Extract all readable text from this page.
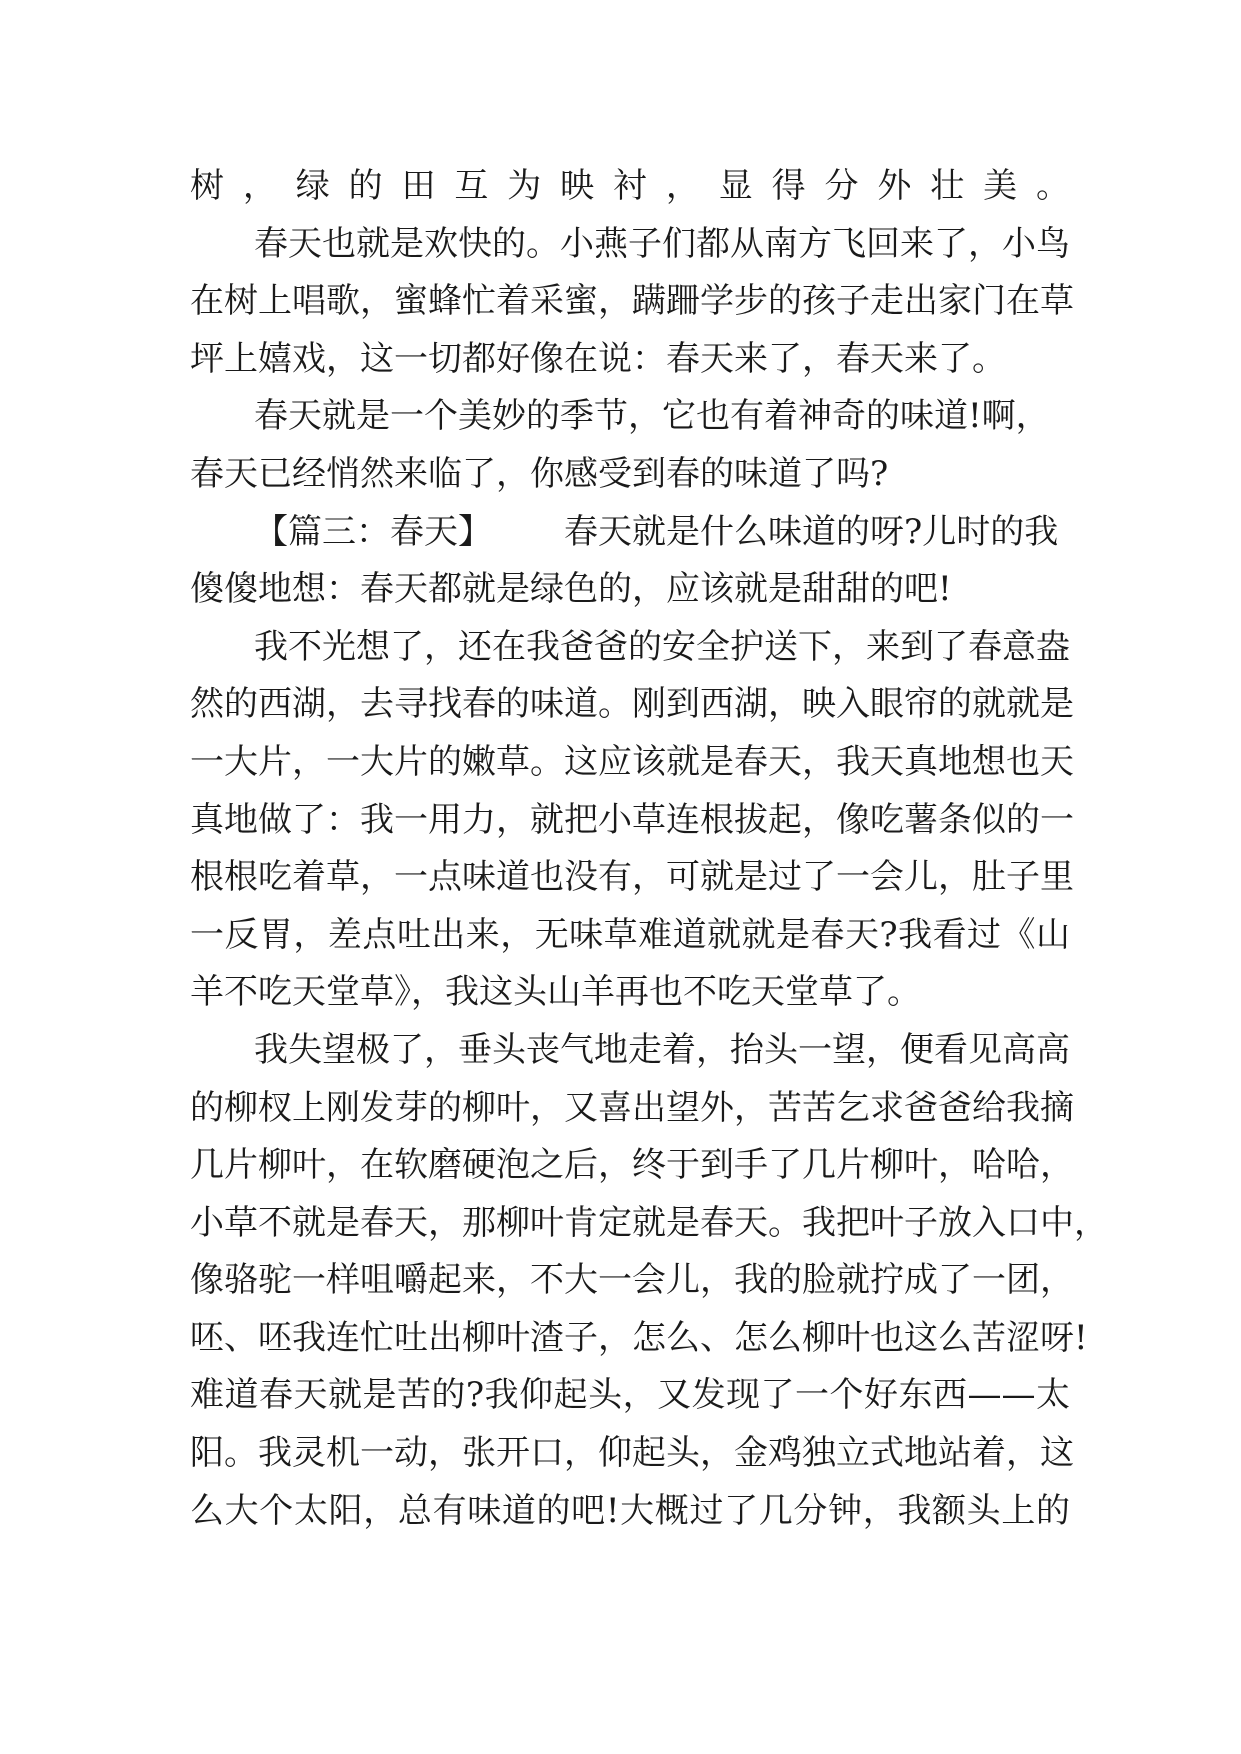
树，绿的田互为映衬，显得分外壮美。
春天也就是欢快的。小燕子们都从南方飞回来了，小鸟
在树上唱歌，蜜蜂忙着采蜜，蹒跚学步的孩子走出家门在草
坪上嬉戏，这一切都好像在说：春天来了，春天来了。
春天就是一个美妙的季节，它也有着神奇的味道!啊，
春天已经悄然来临了，你感受到春的味道了吗?
【篇三：春天】 春天就是什么味道的呀?儿时的我
傻傻地想：春天都就是绿色的，应该就是甜甜的吧!
我不光想了，还在我爸爸的安全护送下，来到了春意盎
然的西湖，去寻找春的味道。刚到西湖，映入眼帘的就就是
一大片，一大片的嫩草。这应该就是春天，我天真地想也天
真地做了：我一用力，就把小草连根拔起，像吃薯条似的一
根根吃着草，一点味道也没有，可就是过了一会儿，肚子里
一反胃，差点吐出来，无味草难道就就是春天?我看过《山
羊不吃天堂草》，我这头山羊再也不吃天堂草了。
我失望极了，垂头丧气地走着，抬头一望，便看见高高
的柳杈上刚发芽的柳叶，又喜出望外，苦苦乞求爸爸给我摘
几片柳叶，在软磨硬泡之后，终于到手了几片柳叶，哈哈，
小草不就是春天，那柳叶肯定就是春天。我把叶子放入口中，
像骆驼一样咀嚼起来，不大一会儿，我的脸就拧成了一团，
呸、呸我连忙吐出柳叶渣子，怎么、怎么柳叶也这么苦涩呀!
难道春天就是苦的?我仰起头，又发现了一个好东西——太
阳。我灵机一动，张开口，仰起头，金鸡独立式地站着，这
么大个太阳，总有味道的吧!大概过了几分钟，我额头上的
